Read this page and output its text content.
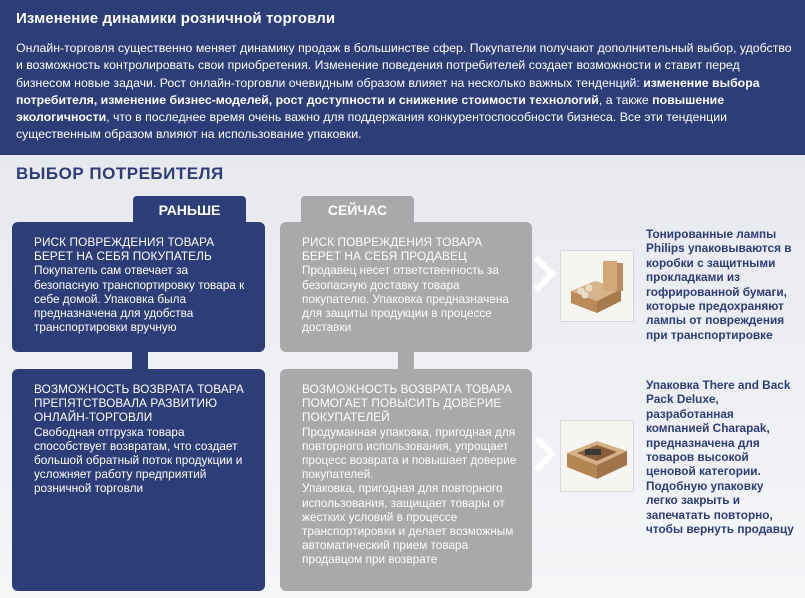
Изменение динамики розничной торговли

Онлайн-торговля существенно меняет динамику продаж в большинстве сфер. Покупатели получают дополнительный выбор, удобство и возможность контролировать свои приобретения. Изменение поведения потребителей создает возможности и ставит перед бизнесом новые задачи. Рост онлайн-торговли очевидным образом влияет на несколько важных тенденций: изменение выбора потребителя, изменение бизнес-моделей, рост доступности и снижение стоимости технологий, а также повышение экологичности, что в последнее время очень важно для поддержания конкурентоспособности бизнеса. Все эти тенденции существенным образом влияют на использование упаковки.

ВЫБОР ПОТРЕБИТЕЛЯ
РАНЬШЕ	СЕЙЧАС
РИСК ПОВРЕЖДЕНИЯ ТОВАРА БЕРЕТ НА СЕБЯ ПОКУПАТЕЛЬ
Покупатель сам отвечает за безопасную транспортировку товара к себе домой. Упаковка была предназначена для удобства транспортировки вручную
ВОЗМОЖНОСТЬ ВОЗВРАТА ТОВАРА ПРЕПЯТСТВОВАЛА РАЗВИТИЮ ОНЛАЙН-ТОРГОВЛИ
Свободная отгрузка товара способствует возвратам, что создает большой обратный поток продукции и усложняет работу предприятий розничной торговли
РИСК ПОВРЕЖДЕНИЯ ТОВАРА БЕРЕТ НА СЕБЯ ПРОДАВЕЦ
Продавец несет ответственность за безопасную доставку товара покупателю. Упаковка предназначена для защиты продукции в процессе доставки
ВОЗМОЖНОСТЬ ВОЗВРАТА ТОВАРА ПОМОГАЕТ ПОВЫСИТЬ ДОВЕРИЕ ПОКУПАТЕЛЕЙ

Продуманная упаковка, пригодная для повторного использования, упрощает процесс возврата и повышает доверие покупателей.

Упаковка, пригодная для повторного использования, защищает товары от жестких условий в процессе транспортировки и делает возможным автоматический прием товара продавцом при возврате

Тонированные лампы Philips упаковываются в коробки с защитными прокладками из гофрированной бумаги, которые предохраняют лампы от повреждения при транспортировке

Упаковка There and Back Pack Deluxe, разработанная компанией Charapak, предназначена для товаров высокой ценовой категории. Подобную упаковку легко закрыть и запечатать повторно, чтобы вернуть продавцу
